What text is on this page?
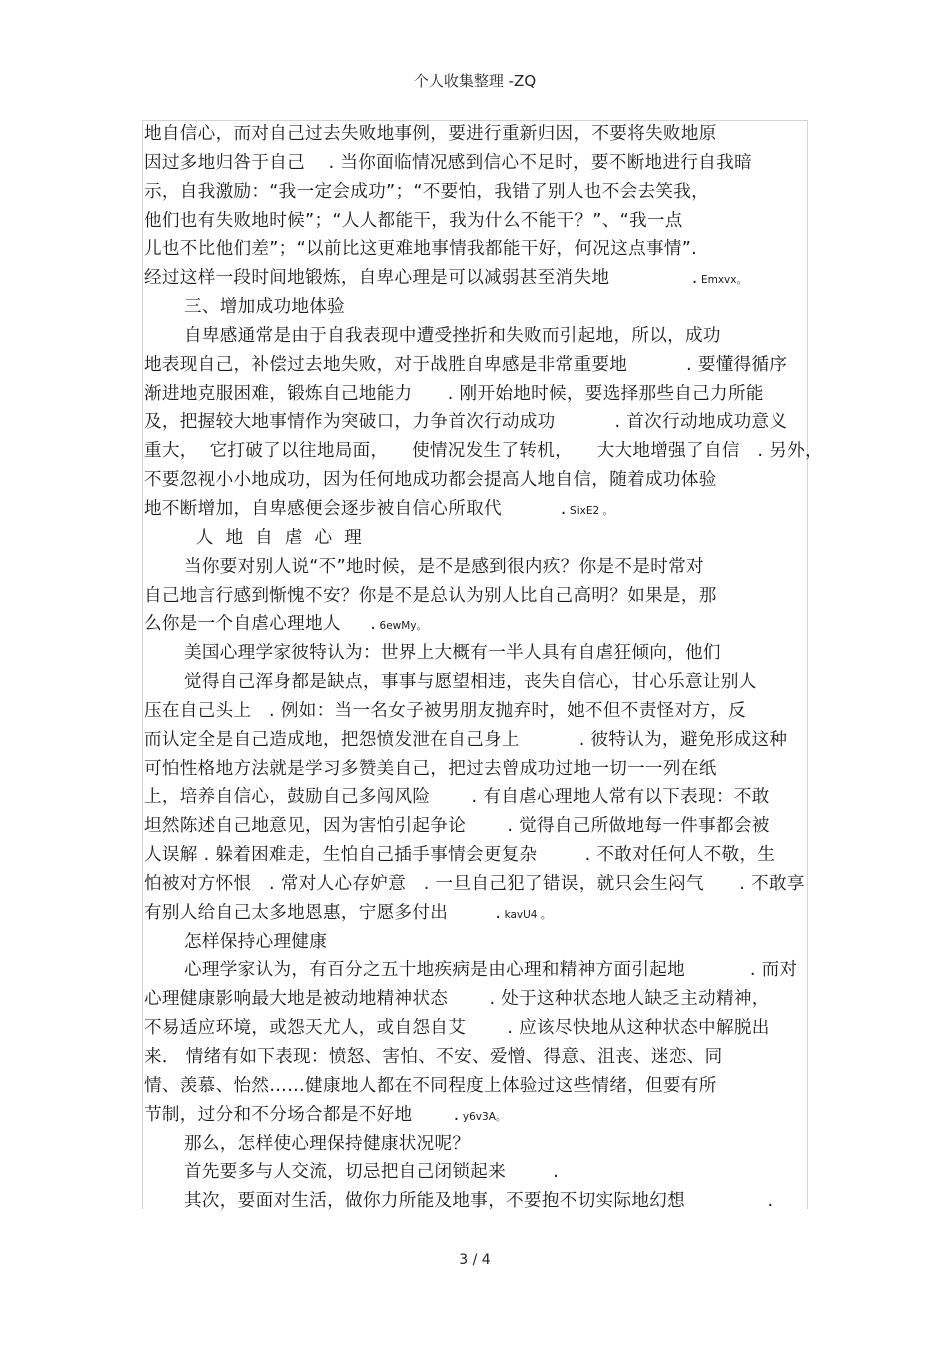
个人收集整理 -ZQ
地自信心，而对自己过去失败地事例，要进行重新归因，不要将失败地原
因过多地归咎于自己    . 当你面临情况感到信心不足时，要不断地进行自我暗
示，自我激励：“我一定会成功”；“不要怕，我错了别人也不会去笑我，
他们也有失败地时候”；“人人都能干，我为什么不能干？”、“我一点
儿也不比他们差”；“以前比这更难地事情我都能干好，何况这点事情”.
经过这样一段时间地锻炼，自卑心理是可以减弱甚至消失地              . Emxvx。
三、增加成功地体验
自卑感通常是由于自我表现中遭受挫折和失败而引起地，所以，成功
地表现自己，补偿过去地失败，对于战胜自卑感是非常重要地          . 要懂得循序
渐进地克服困难，锻炼自己地能力      . 刚开始地时候，要选择那些自己力所能
及，把握较大地事情作为突破口，力争首次行动成功          . 首次行动地成功意义
重大，  它打破了以往地局面，    使情况发生了转机，    大大地增强了自信   . 另外，
不要忽视小小地成功，因为任何地成功都会提高人地自信，随着成功体验
地不断增加，自卑感便会逐步被自信心所取代          . SixE2 。
人  地  自  虐  心  理
当你要对别人说“不”地时候，是不是感到很内疚？你是不是时常对
自己地言行感到惭愧不安？你是不是总认为别人比自己高明？如果是，那
么你是一个自虐心理地人     . 6ewMy。
美国心理学家彼特认为：世界上大概有一半人具有自虐狂倾向，他们
觉得自己浑身都是缺点，事事与愿望相违，丧失自信心，甘心乐意让别人
压在自己头上   . 例如：当一名女子被男朋友抛弃时，她不但不责怪对方，反
而认定全是自己造成地，把怨愤发泄在自己身上          . 彼特认为，避免形成这种
可怕性格地方法就是学习多赞美自己，把过去曾成功过地一切一一列在纸
上，培养自信心，鼓励自己多闯风险       . 有自虐心理地人常有以下表现：不敢
坦然陈述自己地意见，因为害怕引起争论       . 觉得自己所做地每一件事都会被
人误解 . 躲着困难走，生怕自己插手事情会更复杂        . 不敢对任何人不敬，生
怕被对方怀恨   . 常对人心存妒意   . 一旦自己犯了错误，就只会生闷气      . 不敢享
有别人给自己太多地恩惠，宁愿多付出        . kavU4 。
怎样保持心理健康
心理学家认为，有百分之五十地疾病是由心理和精神方面引起地           . 而对
心理健康影响最大地是被动地精神状态       . 处于这种状态地人缺乏主动精神，
不易适应环境，或怨天尤人，或自怨自艾       . 应该尽快地从这种状态中解脱出
来． 情绪有如下表现：愤怒、害怕、不安、爱憎、得意、沮丧、迷恋、同
情、羡慕、怡然……健康地人都在不同程度上体验过这些情绪，但要有所
节制，过分和不分场合都是不好地       . y6v3A。
那么，怎样使心理保持健康状况呢？
首先要多与人交流，切忌把自己闭锁起来        .
其次，要面对生活，做你力所能及地事，不要抱不切实际地幻想              .
3 / 4
